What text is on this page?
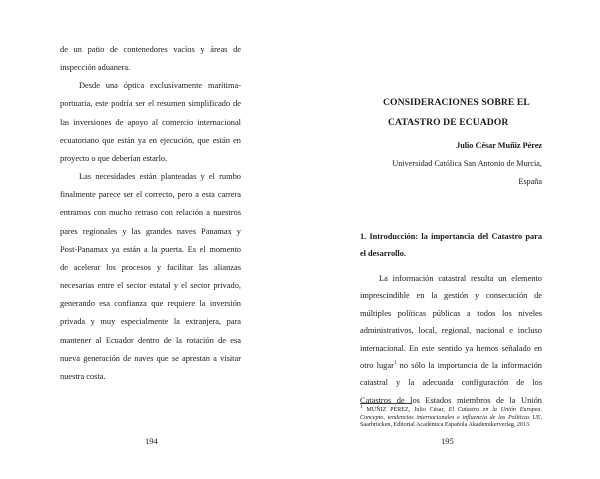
de un patio de contenedores vacíos y áreas de

inspección aduanera.

Desde una óptica exclusivamente marítima-

portuaria, este podría ser el resumen simplificado de

las inversiones de apoyo al comercio internacional

ecuatoriano que están ya en ejecución, que están en

proyecto o que deberían estarlo.

Las necesidades están planteadas y el rumbo

finalmente parece ser el correcto, pero a esta carrera

entramos con mucho retraso con relación a nuestros

pares regionales y las grandes naves Panamax y

Post-Panamax ya están a la puerta. Es el momento

de acelerar los procesos y facilitar las alianzas

necesarias entre el sector estatal y el sector privado,

generando esa confianza que requiere la inversión

privada y muy especialmente la extranjera, para

mantener al Ecuador dentro de la rotación de esa

nueva generación de naves que se aprestan a visitar

nuestra costa.

194
CONSIDERACIONES SOBRE EL
CATASTRO DE ECUADOR
Julio César Muñiz Pérez
Universidad Católica San Antonio de Murcia,
España
1. Introducción: la importancia del Catastro para el desarrollo.

La información catastral resulta un elemento

imprescindible en la gestión y consecución de

múltiples políticas públicas a todos los niveles

administrativos, local, regional, nacional e incluso

internacional. En este sentido ya hemos señalado en

otro lugar$^1$ no sólo la importancia de la información

catastral y la adecuada configuración de los

Catastros de los Estados miembros de la Unión

$^1$ MUÑIZ PÉREZ, Julio César, El Catastro en la Unión Europea. Concepto, tendencias internacionales e influencia de las Políticas UE, Saarbrücken, Editorial Académica Española Akademikerverlag, 2013.
195
